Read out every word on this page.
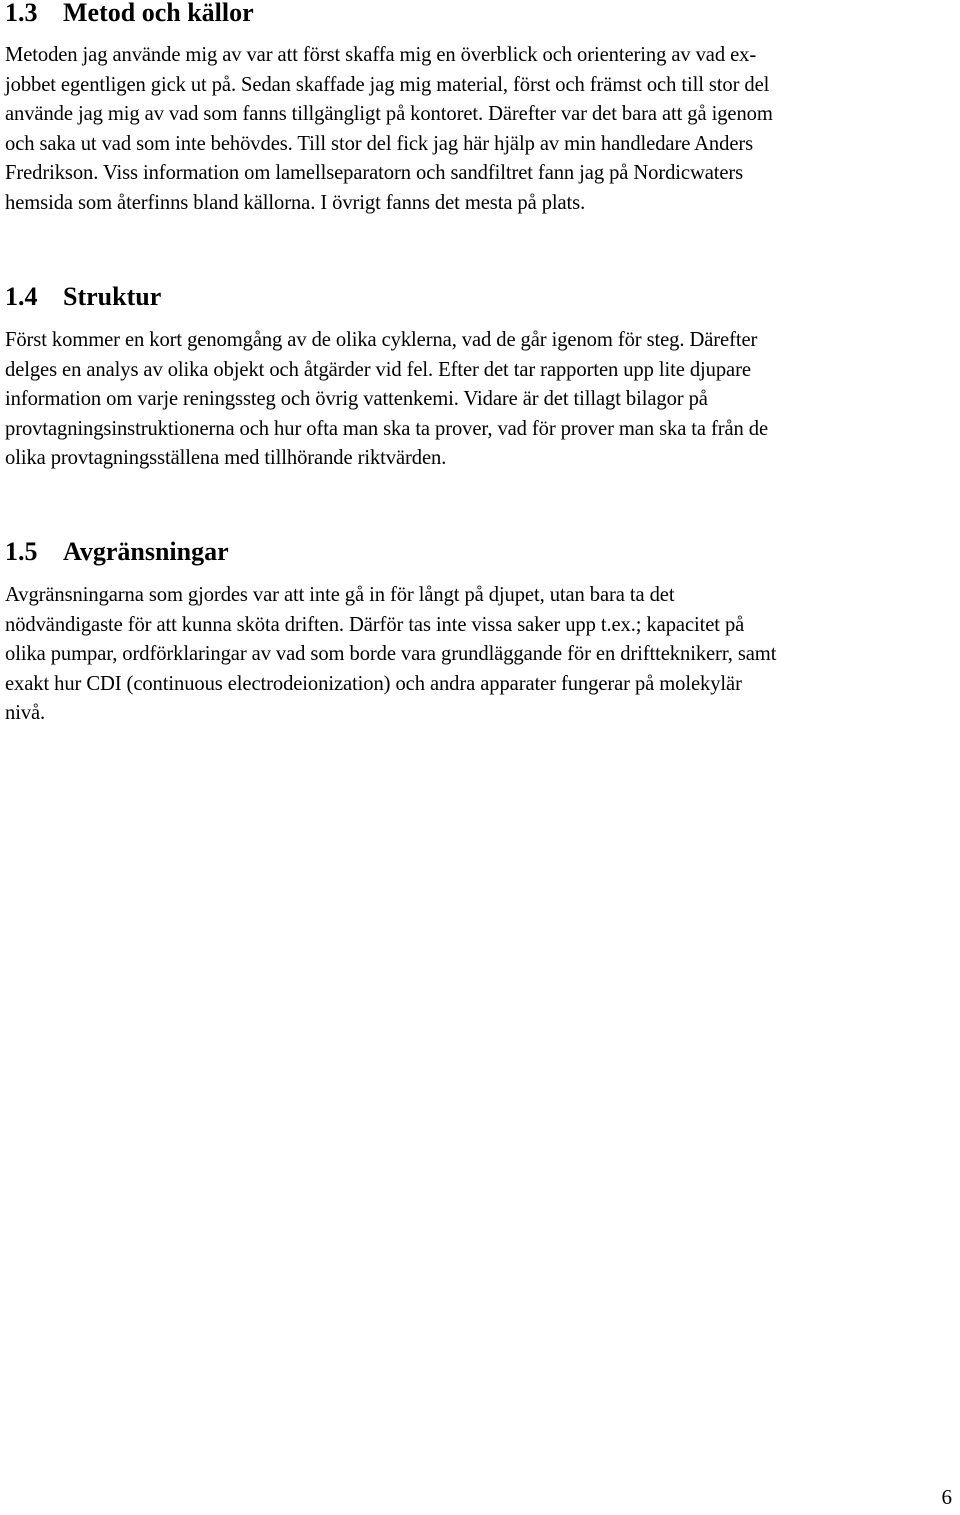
1.3 Metod och källor
Metoden jag använde mig av var att först skaffa mig en överblick och orientering av vad ex-
jobbet egentligen gick ut på. Sedan skaffade jag mig material, först och främst och till stor del
använde jag mig av vad som fanns tillgängligt på kontoret. Därefter var det bara att gå igenom
och saka ut vad som inte behövdes. Till stor del fick jag här hjälp av min handledare Anders
Fredrikson. Viss information om lamellseparatorn och sandfiltret fann jag på Nordicwaters
hemsida som återfinns bland källorna. I övrigt fanns det mesta på plats.
1.4 Struktur
Först kommer en kort genomgång av de olika cyklerna, vad de går igenom för steg. Därefter
delges en analys av olika objekt och åtgärder vid fel. Efter det tar rapporten upp lite djupare
information om varje reningssteg och övrig vattenkemi. Vidare är det tillagt bilagor på
provtagningsinstruktionerna och hur ofta man ska ta prover, vad för prover man ska ta från de
olika provtagningsställena med tillhörande riktvärden.
1.5 Avgränsningar
Avgränsningarna som gjordes var att inte gå in för långt på djupet, utan bara ta det
nödvändigaste för att kunna sköta driften. Därför tas inte vissa saker upp t.ex.; kapacitet på
olika pumpar, ordförklaringar av vad som borde vara grundläggande för en driftteknikerr, samt
exakt hur CDI (continuous electrodeionization) och andra apparater fungerar på molekylär
nivå.
6
